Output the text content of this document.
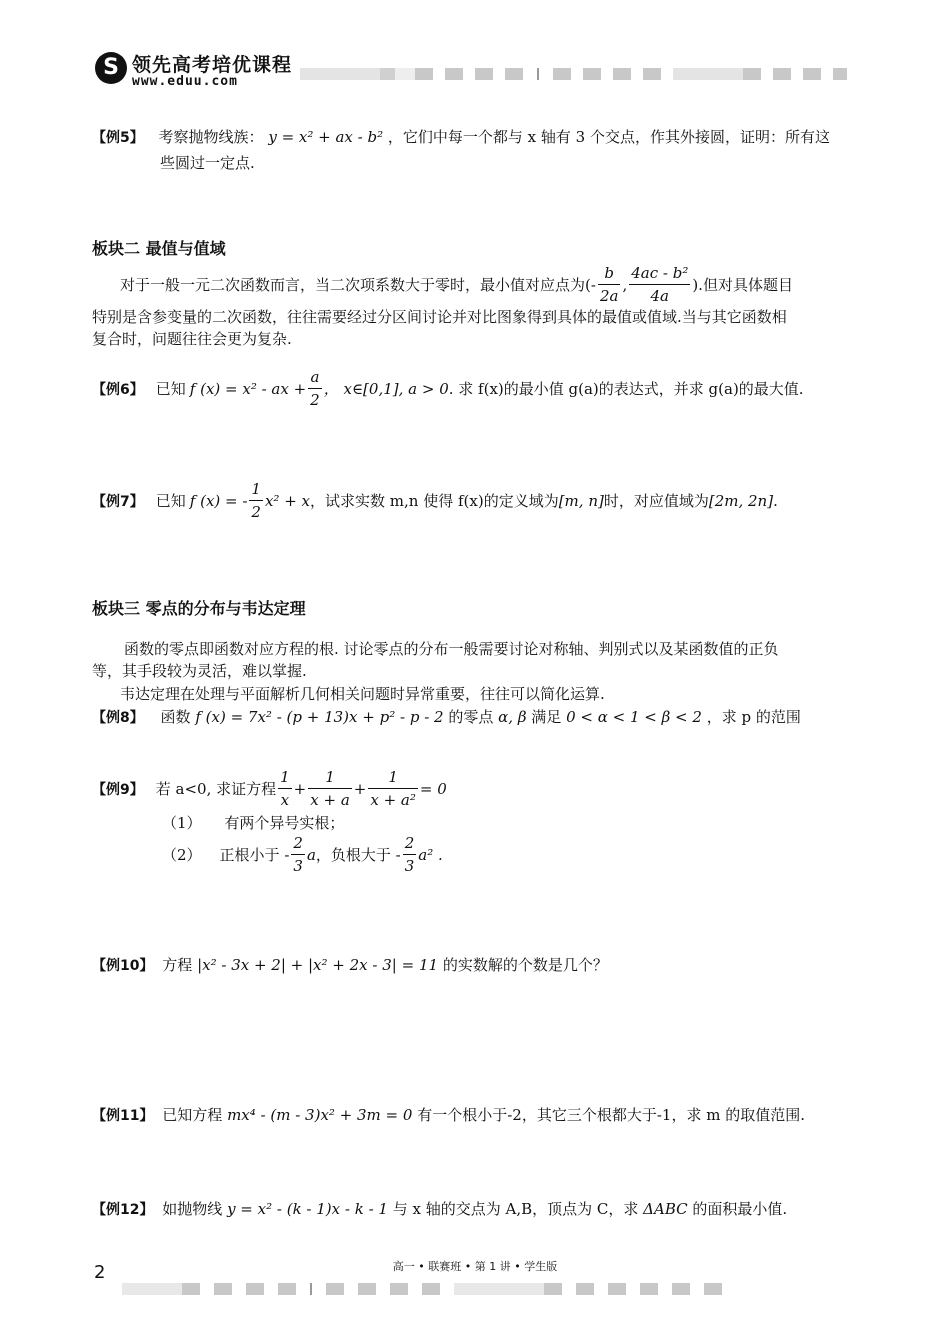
S 领先高考培优课程
www.eduu.com
【例5】 考察抛物线族： y = x² + ax - b² ，它们中每一个都与 x 轴有 3 个交点，作其外接圆，证明：所有这
些圆过一定点.
板块二 最值与值域
对于一般一元二次函数而言，当二次项系数大于零时，最小值对应点为(- $\frac{b}{2a}$ , $\frac{\text{4ac - b²}}{4a}$ ).但对具体题目
特别是含参变量的二次函数，往往需要经过分区间讨论并对比图象得到具体的最值或值域.当与其它函数相
复合时，问题往往会更为复杂.
【例6】 已知 f (x) = x² - ax + $\frac{a}{2}$ ， x∈[0,1], a > 0 . 求 f(x)的最小值 g(a)的表达式，并求 g(a)的最大值.
【例7】 已知 f (x) = - $\frac{1}{2} x^2 + x$ ，试求实数 m,n 使得 f(x)的定义域为 [m, n] 时，对应值域为 [2m, 2n] .
板块三 零点的分布与韦达定理
函数的零点即函数对应方程的根. 讨论零点的分布一般需要讨论对称轴、判别式以及某函数值的正负
等，其手段较为灵活，难以掌握.
韦达定理在处理与平面解析几何相关问题时异常重要，往往可以简化运算.
【例8】 函数 f (x) = 7x² - (p + 13)x + p² - p - 2 的零点 α, β 满足 0 < α < 1 < β < 2 ，求 p 的范围
【例9】 若 a<0, 求证方程 $\frac{1}{x} + \frac{1}{x + a} + \frac{1}{\text{x + a²}} = 0$
（1） 有两个异号实根；
（2） 正根小于 - $\frac{2}{3}$ a ，负根大于 - $\frac{2}{3} a^2$ .
【例10】 方程 |x² - 3x + 2| + |x² + 2x - 3| = 11 的实数解的个数是几个？
【例11】 已知方程 mx⁴ - (m - 3)x² + 3m = 0 有一个根小于-2，其它三个根都大于-1，求 m 的取值范围.
【例12】 如抛物线 y = x² - (k - 1)x - k - 1 与 x 轴的交点为 A,B，顶点为 C，求 ΔABC 的面积最小值.
2	高一 • 联赛班 • 第 1 讲 • 学生版
